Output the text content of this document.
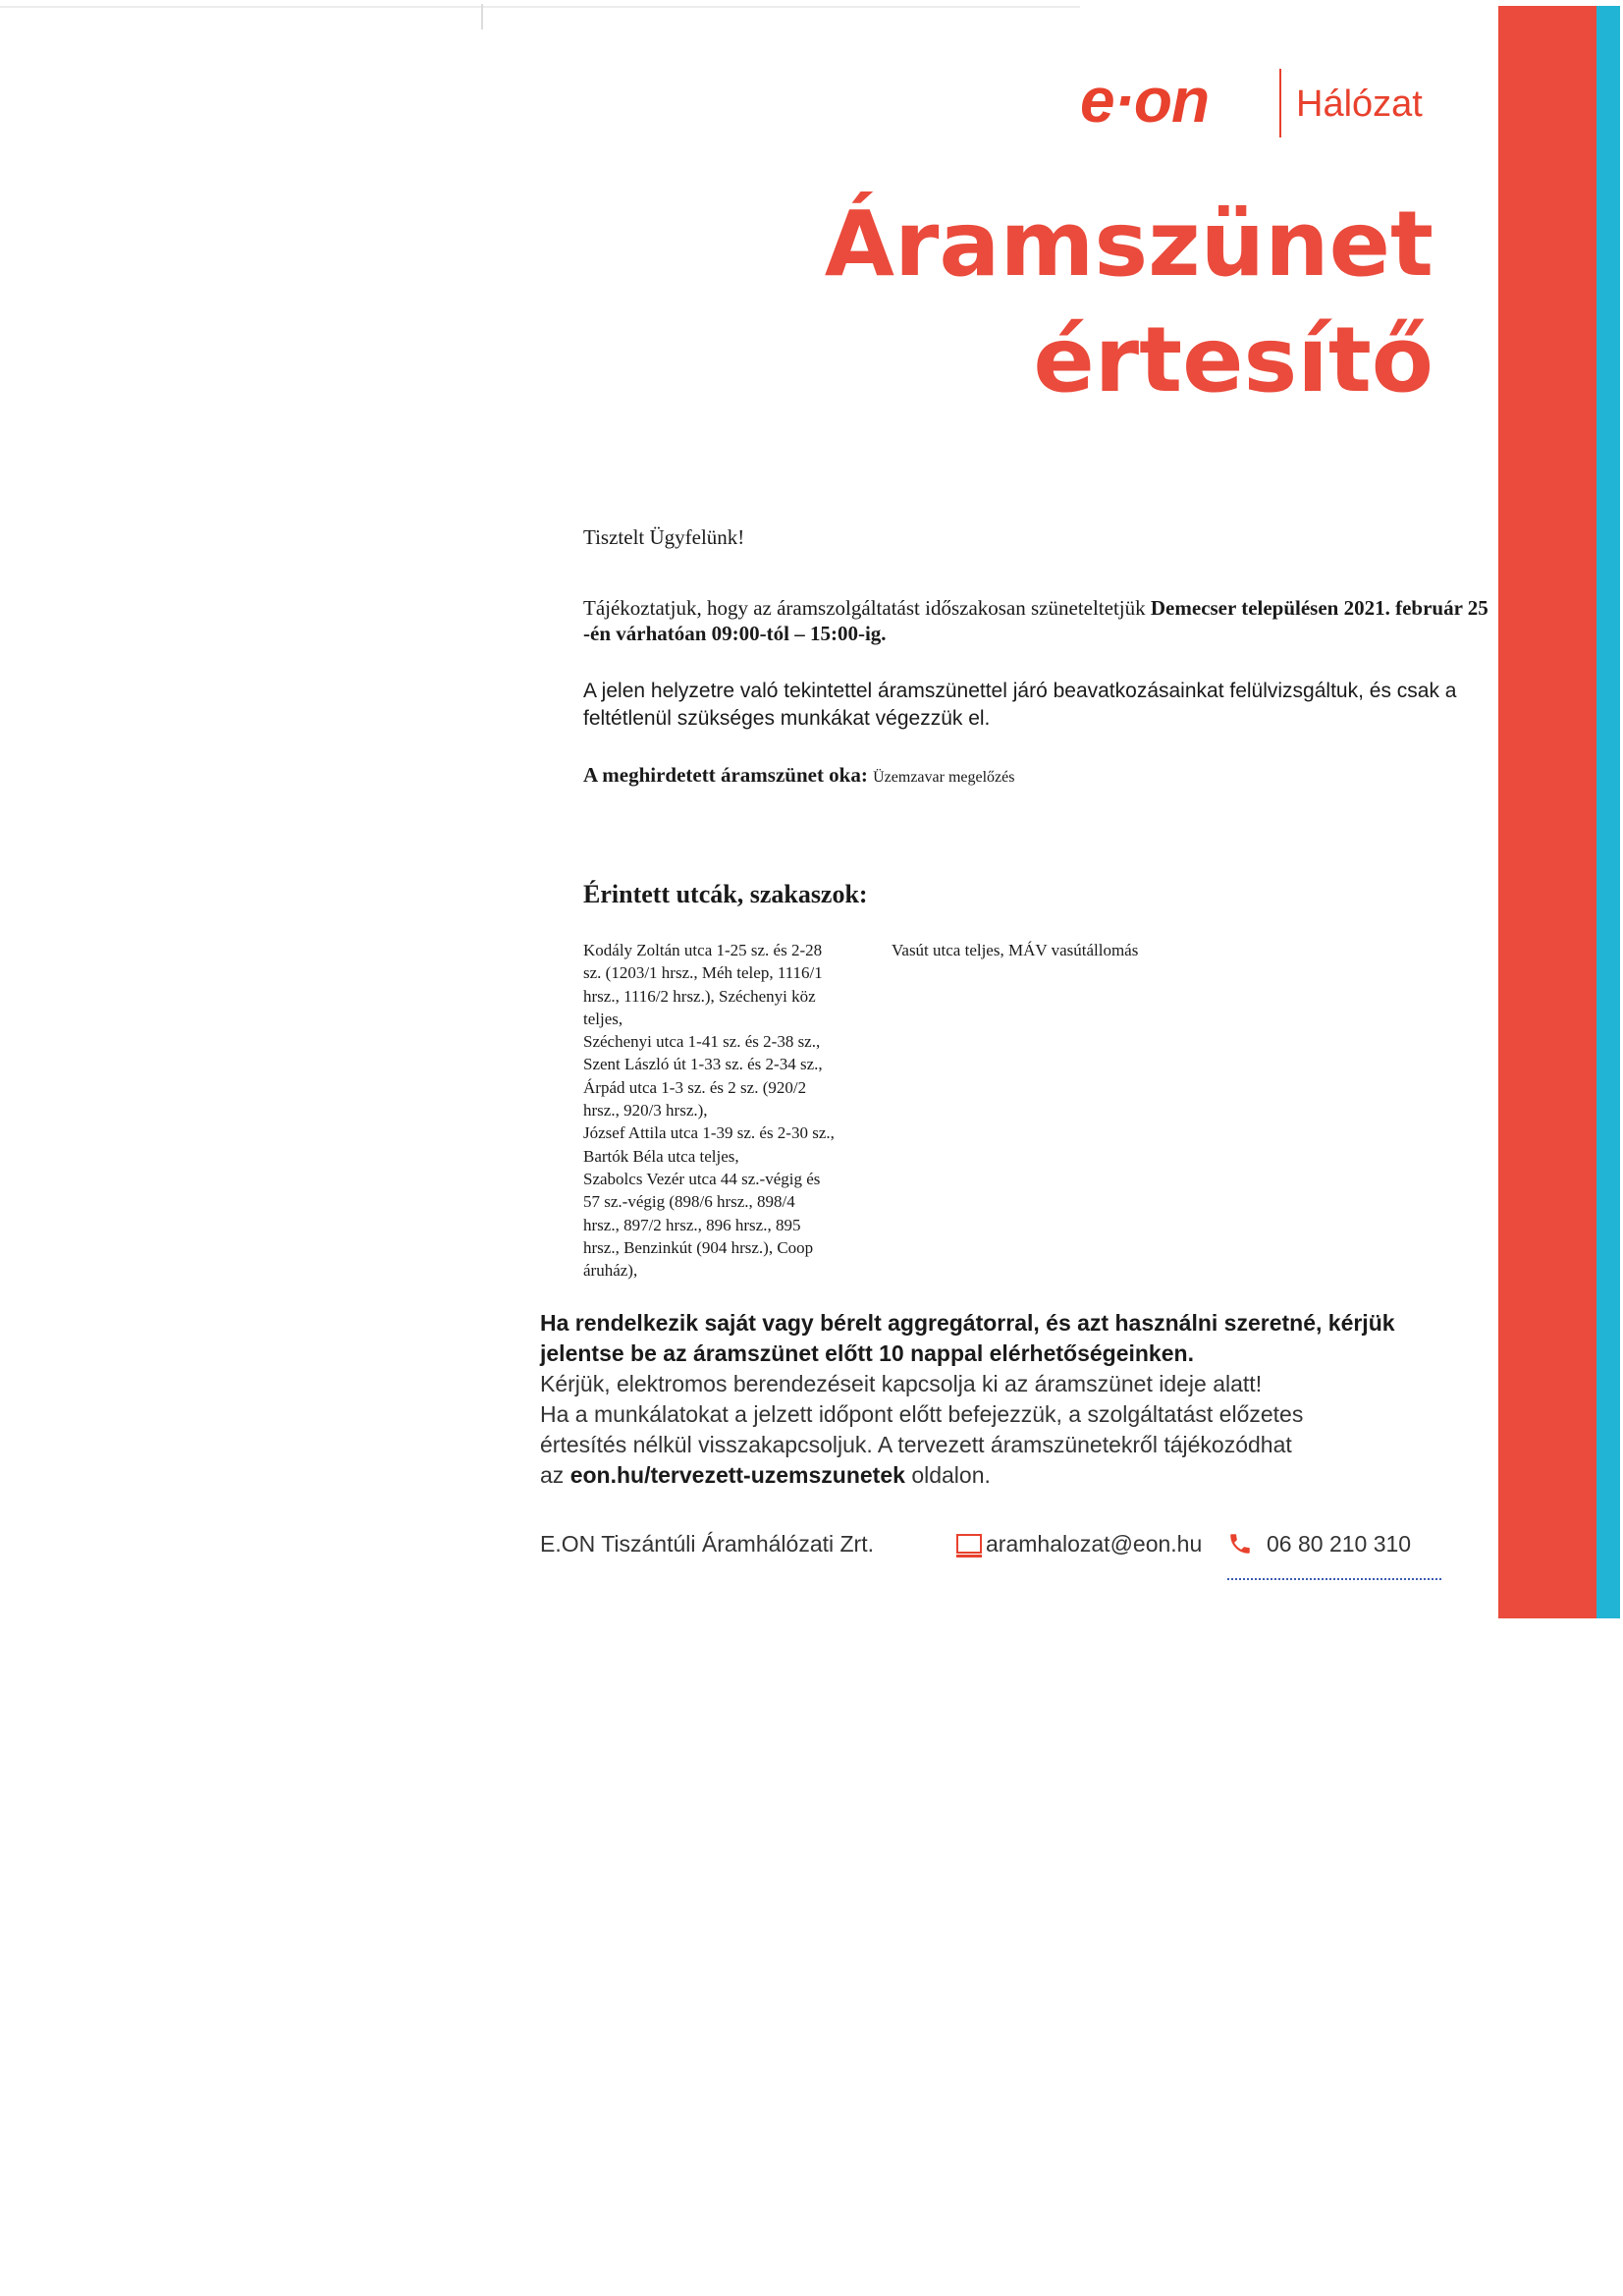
e·on Hálózat
Áramszünet
értesítő
Tisztelt Ügyfelünk!
Tájékoztatjuk, hogy az áramszolgáltatást időszakosan szüneteltetjük Demecser településen 2021. február 25 -én várhatóan 09:00-tól – 15:00-ig.
A jelen helyzetre való tekintettel áramszünettel járó beavatkozásainkat felülvizsgáltuk, és csak a feltétlenül szükséges munkákat végezzük el.
A meghirdetett áramszünet oka: Üzemzavar megelőzés
Érintett utcák, szakaszok:
Kodály Zoltán utca 1-25 sz. és 2-28
sz. (1203/1 hrsz., Méh telep, 1116/1
hrsz., 1116/2 hrsz.), Széchenyi köz
teljes,
Széchenyi utca 1-41 sz. és 2-38 sz.,
Szent László út 1-33 sz. és 2-34 sz.,
Árpád utca 1-3 sz. és 2 sz. (920/2
hrsz., 920/3 hrsz.),
József Attila utca 1-39 sz. és 2-30 sz.,
Bartók Béla utca teljes,
Szabolcs Vezér utca 44 sz.-végig és
57 sz.-végig (898/6 hrsz., 898/4
hrsz., 897/2 hrsz., 896 hrsz., 895
hrsz., Benzinkút (904 hrsz.), Coop
áruház),
Vasút utca teljes, MÁV vasútállomás
Ha rendelkezik saját vagy bérelt aggregátorral, és azt használni szeretné, kérjük
jelentse be az áramszünet előtt 10 nappal elérhetőségeinken.
Kérjük, elektromos berendezéseit kapcsolja ki az áramszünet ideje alatt!
Ha a munkálatokat a jelzett időpont előtt befejezzük, a szolgáltatást előzetes
értesítés nélkül visszakapcsoljuk. A tervezett áramszünetekről tájékozódhat
az eon.hu/tervezett-uzemszunetek oldalon.
E.ON Tiszántúli Áramhálózati Zrt.	aramhalozat@eon.hu	06 80 210 310
